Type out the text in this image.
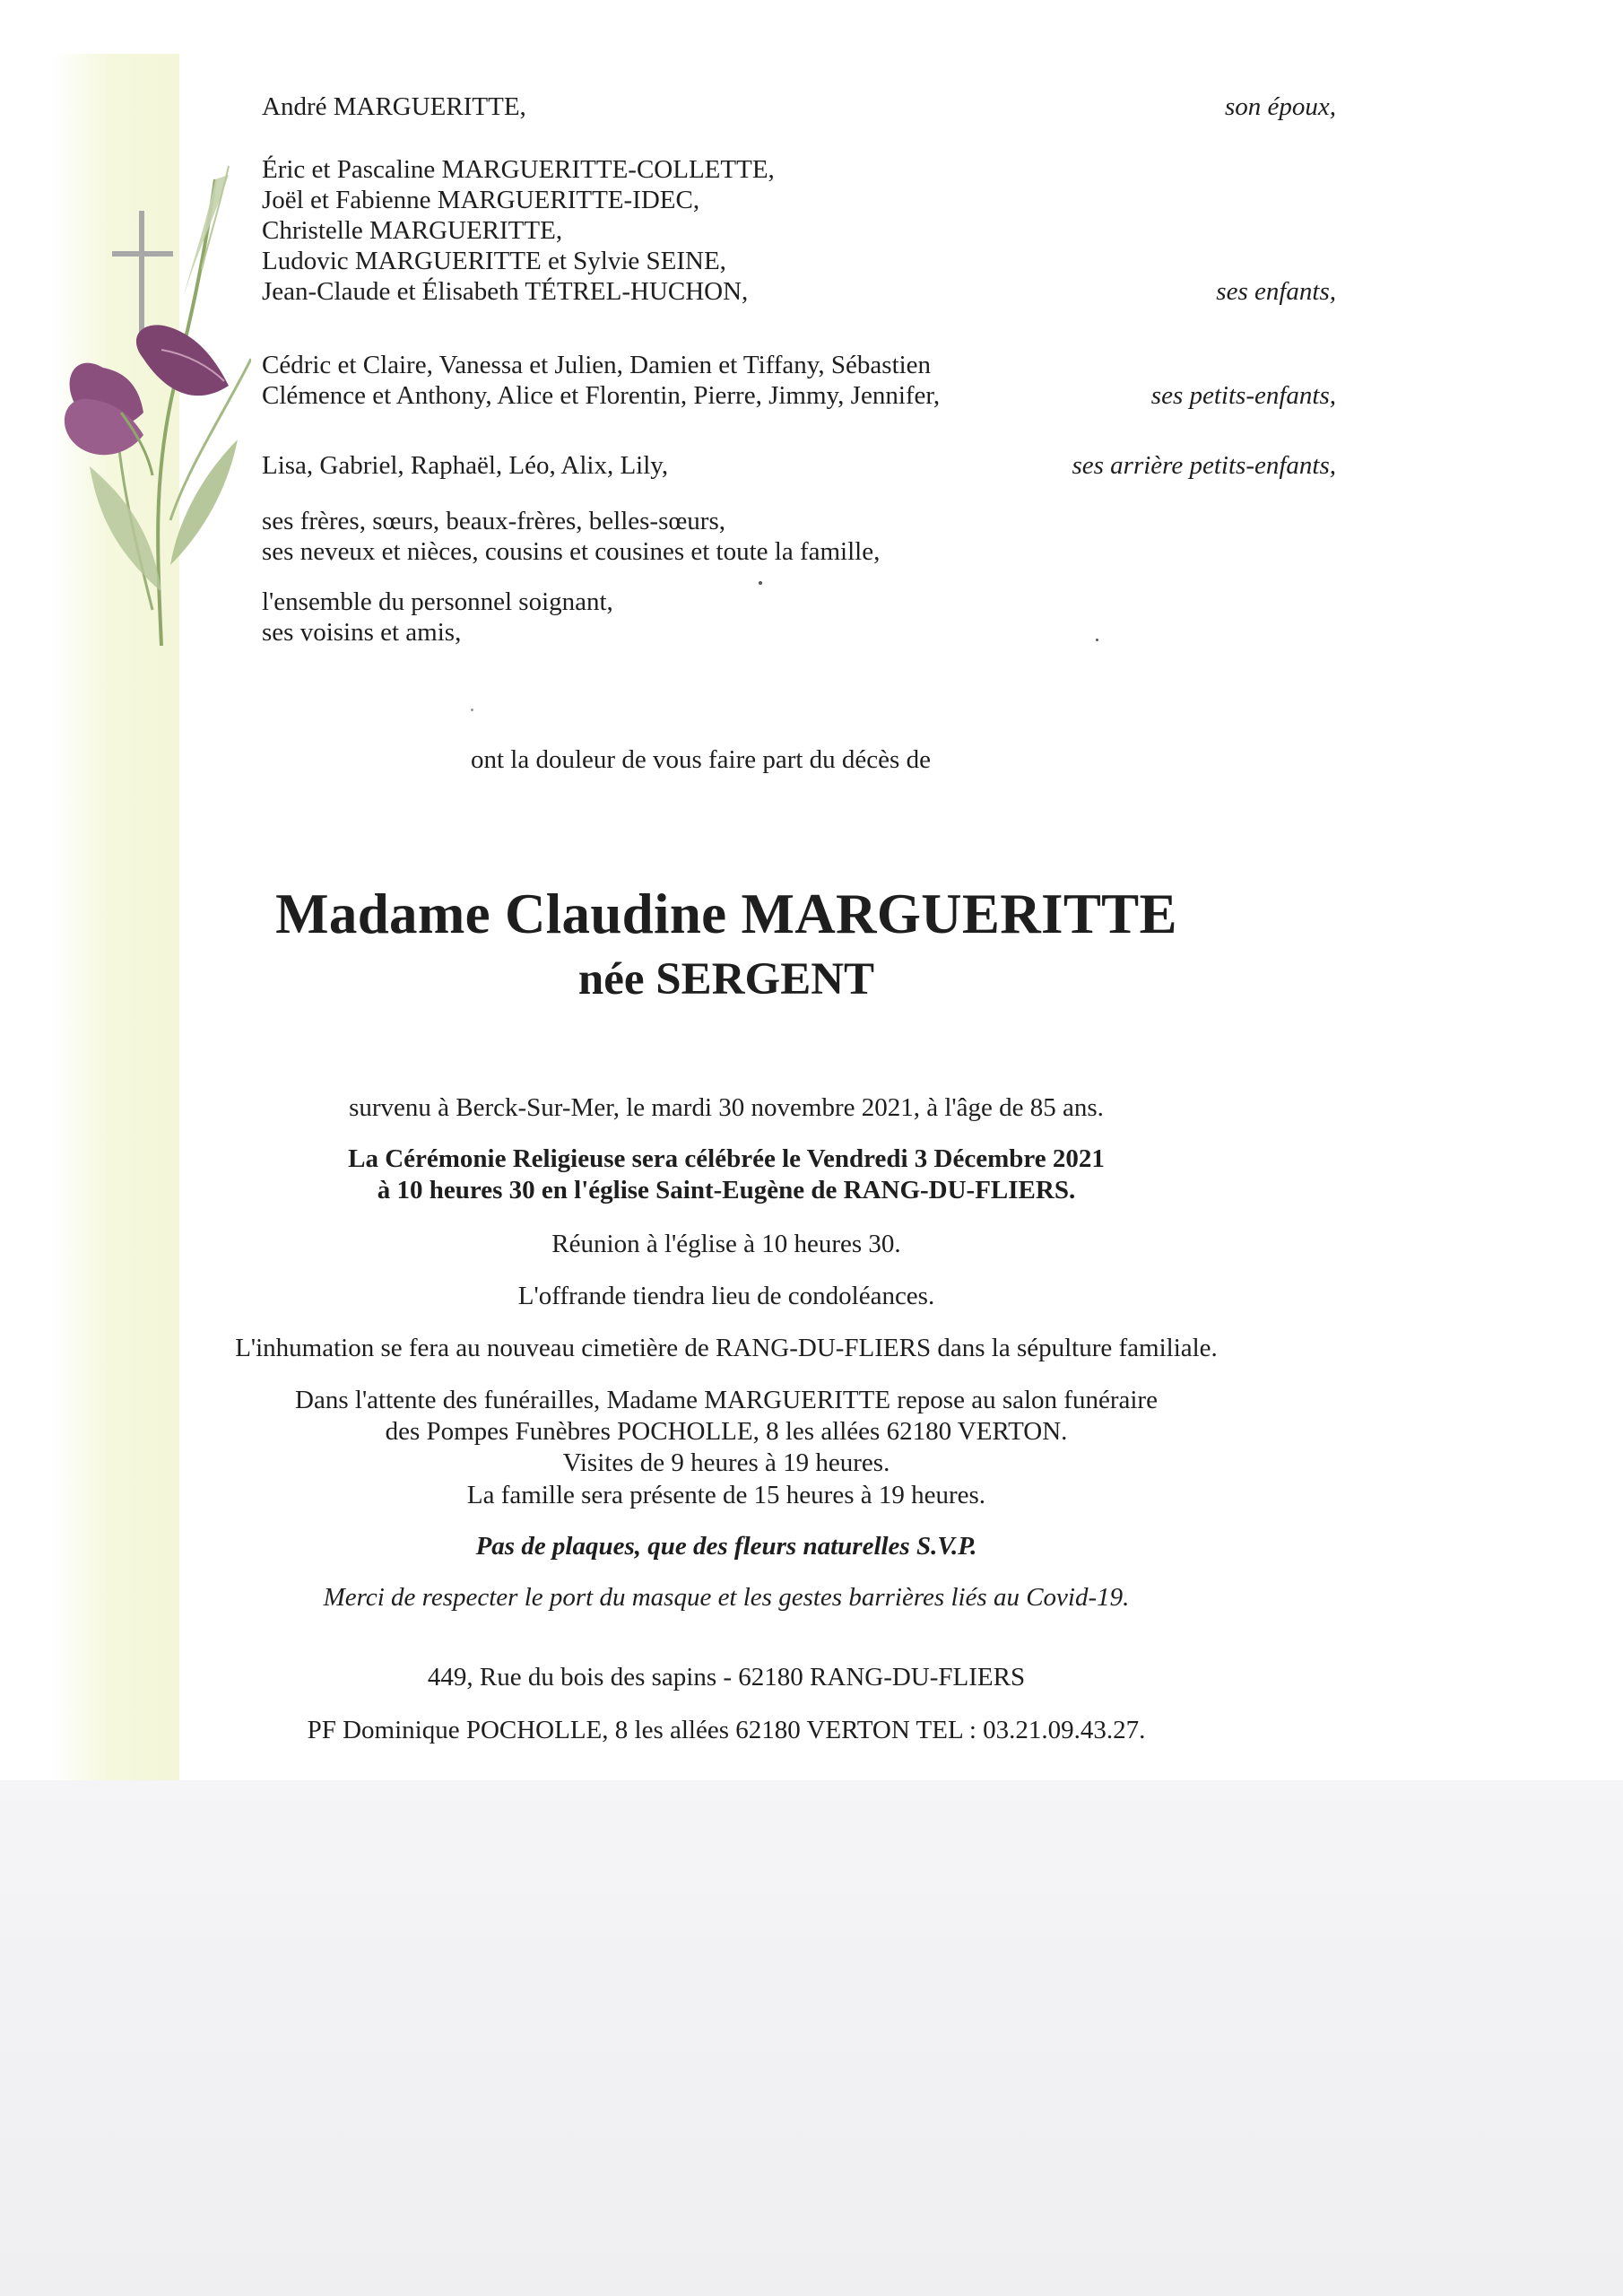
André MARGUERITTE,	son époux,
Éric et Pascaline MARGUERITTE-COLLETTE,
Joël et Fabienne MARGUERITTE-IDEC,
Christelle MARGUERITTE,
Ludovic MARGUERITTE et Sylvie SEINE,
Jean-Claude et Élisabeth TÉTREL-HUCHON,	ses enfants,
Cédric et Claire, Vanessa et Julien, Damien et Tiffany, Sébastien
Clémence et Anthony, Alice et Florentin, Pierre, Jimmy, Jennifer,	ses petits-enfants,
Lisa, Gabriel, Raphaël, Léo, Alix, Lily,	ses arrière petits-enfants,
ses frères, sœurs, beaux-frères, belles-sœurs,
ses neveux et nièces, cousins et cousines et toute la famille,
l'ensemble du personnel soignant,
ses voisins et amis,
ont la douleur de vous faire part du décès de
Madame Claudine MARGUERITTE
née SERGENT
survenu à Berck-Sur-Mer, le mardi 30 novembre 2021, à l'âge de 85 ans.
La Cérémonie Religieuse sera célébrée le Vendredi 3 Décembre 2021
à 10 heures 30 en l'église Saint-Eugène de RANG-DU-FLIERS.
Réunion à l'église à 10 heures 30.
L'offrande tiendra lieu de condoléances.
L'inhumation se fera au nouveau cimetière de RANG-DU-FLIERS dans la sépulture familiale.
Dans l'attente des funérailles, Madame MARGUERITTE repose au salon funéraire
des Pompes Funèbres POCHOLLE, 8 les allées 62180 VERTON.
Visites de 9 heures à 19 heures.
La famille sera présente de 15 heures à 19 heures.
Pas de plaques, que des fleurs naturelles S.V.P.
Merci de respecter le port du masque et les gestes barrières liés au Covid-19.
449, Rue du bois des sapins - 62180 RANG-DU-FLIERS
PF Dominique POCHOLLE, 8 les allées 62180 VERTON TEL : 03.21.09.43.27.
